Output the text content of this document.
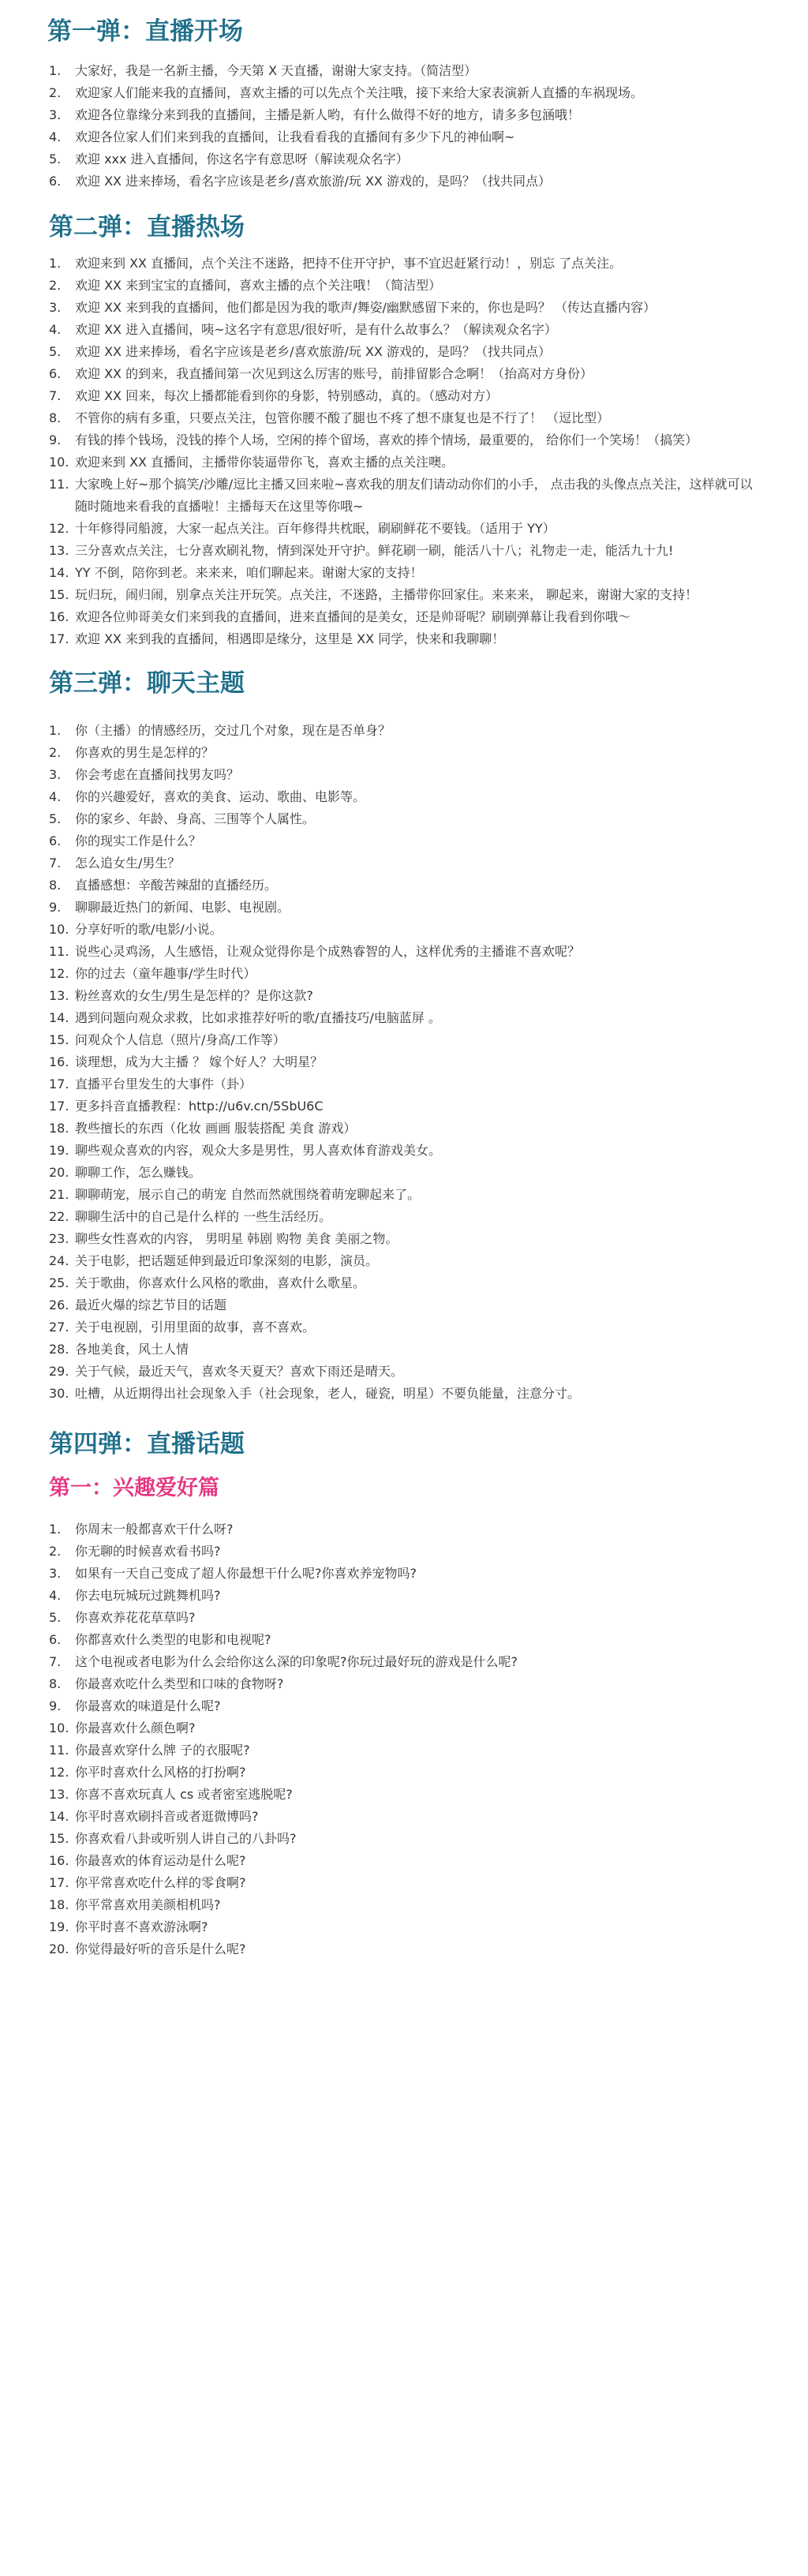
第一弹：直播开场
1. 大家好，我是一名新主播，今天第 X 天直播，谢谢大家支持。（简洁型）
2. 欢迎家人们能来我的直播间，喜欢主播的可以先点个关注哦，接下来给大家表演新人直播的车祸现场。
3. 欢迎各位靠缘分来到我的直播间，主播是新人哟，有什么做得不好的地方，请多多包涵哦！
4. 欢迎各位家人们们来到我的直播间，让我看看我的直播间有多少下凡的神仙啊~
5. 欢迎 xxx 进入直播间，你这名字有意思呀（解读观众名字）
6. 欢迎 XX 进来捧场，看名字应该是老乡/喜欢旅游/玩 XX 游戏的，是吗？（找共同点）
第二弹：直播热场
1. 欢迎来到 XX 直播间，点个关注不迷路，把持不住开守护，事不宜迟赶紧行动！，别忘 了点关注。
2. 欢迎 XX 来到宝宝的直播间，喜欢主播的点个关注哦！（简洁型）
3. 欢迎 XX 来到我的直播间，他们都是因为我的歌声/舞姿/幽默感留下来的，你也是吗？ （传达直播内容）
4. 欢迎 XX 进入直播间，咦~这名字有意思/很好听，是有什么故事么？（解读观众名字）
5. 欢迎 XX 进来捧场，看名字应该是老乡/喜欢旅游/玩 XX 游戏的，是吗？（找共同点）
6. 欢迎 XX 的到来，我直播间第一次见到这么厉害的账号，前排留影合念啊！（抬高对方身份）
7. 欢迎 XX 回来，每次上播都能看到你的身影，特别感动，真的。（感动对方）
8. 不管你的病有多重，只要点关注，包管你腰不酸了腿也不疼了想不康复也是不行了！ （逗比型）
9. 有钱的捧个钱场，没钱的捧个人场，空闲的捧个留场，喜欢的捧个情场，最重要的， 给你们一个笑场！（搞笑）
10. 欢迎来到 XX 直播间，主播带你装逼带你飞，喜欢主播的点关注噢。
11. 大家晚上好~那个搞笑/沙雕/逗比主播又回来啦~喜欢我的朋友们请动动你们的小手， 点击我的头像点点关注，这样就可以随时随地来看我的直播啦！主播每天在这里等你哦~
12. 十年修得同船渡，大家一起点关注。百年修得共枕眠，刷刷鲜花不要钱。（适用于 YY）
13. 三分喜欢点关注，七分喜欢刷礼物，情到深处开守护。鲜花刷一刷，能活八十八；礼物走一走，能活九十九!
14. YY 不倒，陪你到老。来来来，咱们聊起来。谢谢大家的支持！
15. 玩归玩，闹归闹，别拿点关注开玩笑。点关注，不迷路，主播带你回家住。来来来， 聊起来，谢谢大家的支持！
16. 欢迎各位帅哥美女们来到我的直播间，进来直播间的是美女，还是帅哥呢？刷刷弹幕让我看到你哦～
17. 欢迎 XX 来到我的直播间，相遇即是缘分，这里是 XX 同学，快来和我聊聊！
第三弹：聊天主题
1. 你（主播）的情感经历，交过几个对象，现在是否单身？
2. 你喜欢的男生是怎样的？
3. 你会考虑在直播间找男友吗？
4. 你的兴趣爱好，喜欢的美食、运动、歌曲、电影等。
5. 你的家乡、年龄、身高、三围等个人属性。
6. 你的现实工作是什么？
7. 怎么追女生/男生？
8. 直播感想：辛酸苦辣甜的直播经历。
9. 聊聊最近热门的新闻、电影、电视剧。
10. 分享好听的歌/电影/小说。
11. 说些心灵鸡汤，人生感悟，让观众觉得你是个成熟睿智的人，这样优秀的主播谁不喜欢呢？
12. 你的过去（童年趣事/学生时代）
13. 粉丝喜欢的女生/男生是怎样的？是你这款?
14. 遇到问题向观众求救，比如求推荐好听的歌/直播技巧/电脑蓝屏 。
15. 问观众个人信息（照片/身高/工作等）
16. 谈理想，成为大主播 ？ 嫁个好人？大明星？
17. 直播平台里发生的大事件（卦）
17. 更多抖音直播教程：http://u6v.cn/5SbU6C
18. 教些擅长的东西（化妆 画画 服装搭配 美食 游戏）
19. 聊些观众喜欢的内容，观众大多是男性，男人喜欢体育游戏美女。
20. 聊聊工作，怎么赚钱。
21. 聊聊萌宠，展示自己的萌宠 自然而然就围绕着萌宠聊起来了。
22. 聊聊生活中的自己是什么样的 一些生活经历。
23. 聊些女性喜欢的内容， 男明星 韩剧 购物 美食 美丽之物。
24. 关于电影，把话题延伸到最近印象深刻的电影，演员。
25. 关于歌曲，你喜欢什么风格的歌曲，喜欢什么歌星。
26. 最近火爆的综艺节目的话题
27. 关于电视剧，引用里面的故事，喜不喜欢。
28. 各地美食，风土人情
29. 关于气候，最近天气，喜欢冬天夏天？喜欢下雨还是晴天。
30. 吐槽，从近期得出社会现象入手（社会现象，老人，碰瓷，明星）不要负能量，注意分寸。
第四弹：直播话题
第一：兴趣爱好篇
1. 你周末一般都喜欢干什么呀?
2. 你无聊的时候喜欢看书吗?
3. 如果有一天自己变成了超人你最想干什么呢?你喜欢养宠物吗?
4. 你去电玩城玩过跳舞机吗?
5. 你喜欢养花花草草吗?
6. 你都喜欢什么类型的电影和电视呢?
7. 这个电视或者电影为什么会给你这么深的印象呢?你玩过最好玩的游戏是什么呢?
8. 你最喜欢吃什么类型和口味的食物呀?
9. 你最喜欢的味道是什么呢?
10. 你最喜欢什么颜色啊?
11. 你最喜欢穿什么牌 子的衣服呢?
12. 你平时喜欢什么风格的打扮啊?
13. 你喜不喜欢玩真人 cs 或者密室逃脱呢?
14. 你平时喜欢刷抖音或者逛微博吗?
15. 你喜欢看八卦或听别人讲自己的八卦吗?
16. 你最喜欢的体育运动是什么呢?
17. 你平常喜欢吃什么样的零食啊?
18. 你平常喜欢用美颜相机吗?
19. 你平时喜不喜欢游泳啊?
20. 你觉得最好听的音乐是什么呢?
